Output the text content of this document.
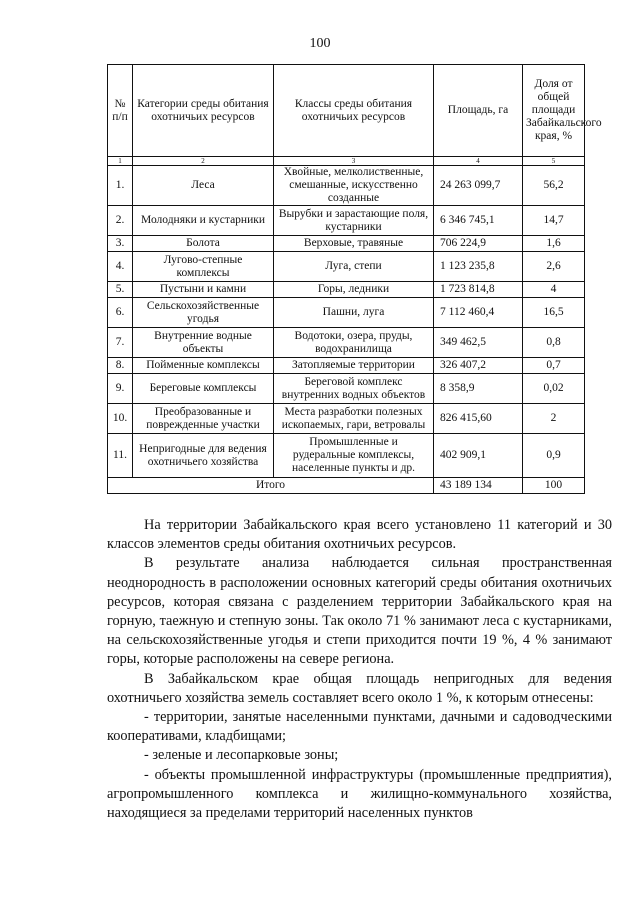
100
№ п/п	Категории среды обитания охотничьих ресурсов	Классы среды обитания охотничьих ресурсов	Площадь, га	Доля от общей площади Забайкальского края, %
1	2	3	4	5
1.	Леса	Хвойные, мелколиственные, смешанные, искусственно созданные	24 263 099,7	56,2
2.	Молодняки и кустарники	Вырубки и зарастающие поля, кустарники	6 346 745,1	14,7
3.	Болота	Верховые, травяные	706 224,9	1,6
4.	Лугово-степные комплексы	Луга, степи	1 123 235,8	2,6
5.	Пустыни и камни	Горы, ледники	1 723 814,8	4
6.	Сельскохозяйственные угодья	Пашни, луга	7 112 460,4	16,5
7.	Внутренние водные объекты	Водотоки, озера, пруды, водохранилища	349 462,5	0,8
8.	Пойменные комплексы	Затопляемые территории	326 407,2	0,7
9.	Береговые комплексы	Береговой комплекс внутренних водных объектов	8 358,9	0,02
10.	Преобразованные и поврежденные участки	Места разработки полезных ископаемых, гари, ветровалы	826 415,60	2
11.	Непригодные для ведения охотничьего хозяйства	Промышленные и рудеральные комплексы, населенные пункты и др.	402 909,1	0,9
Итого			43 189 134	100

На территории Забайкальского края всего установлено 11 категорий и 30 классов элементов среды обитания охотничьих ресурсов.

В результате анализа наблюдается сильная пространственная неоднородность в расположении основных категорий среды обитания охотничьих ресурсов, которая связана с разделением территории Забайкальского края на горную, таежную и степную зоны. Так около 71 % занимают леса с кустарниками, на сельскохозяйственные угодья и степи приходится почти 19 %, 4 % занимают горы, которые расположены на севере региона.

В Забайкальском крае общая площадь непригодных для ведения охотничьего хозяйства земель составляет всего около 1 %, к которым отнесены:

- территории, занятые населенными пунктами, дачными и садоводческими кооперативами, кладбищами;

- зеленые и лесопарковые зоны;

- объекты промышленной инфраструктуры (промышленные предприятия), агропромышленного комплекса и жилищно-коммунального хозяйства, находящиеся за пределами территорий населенных пунктов
